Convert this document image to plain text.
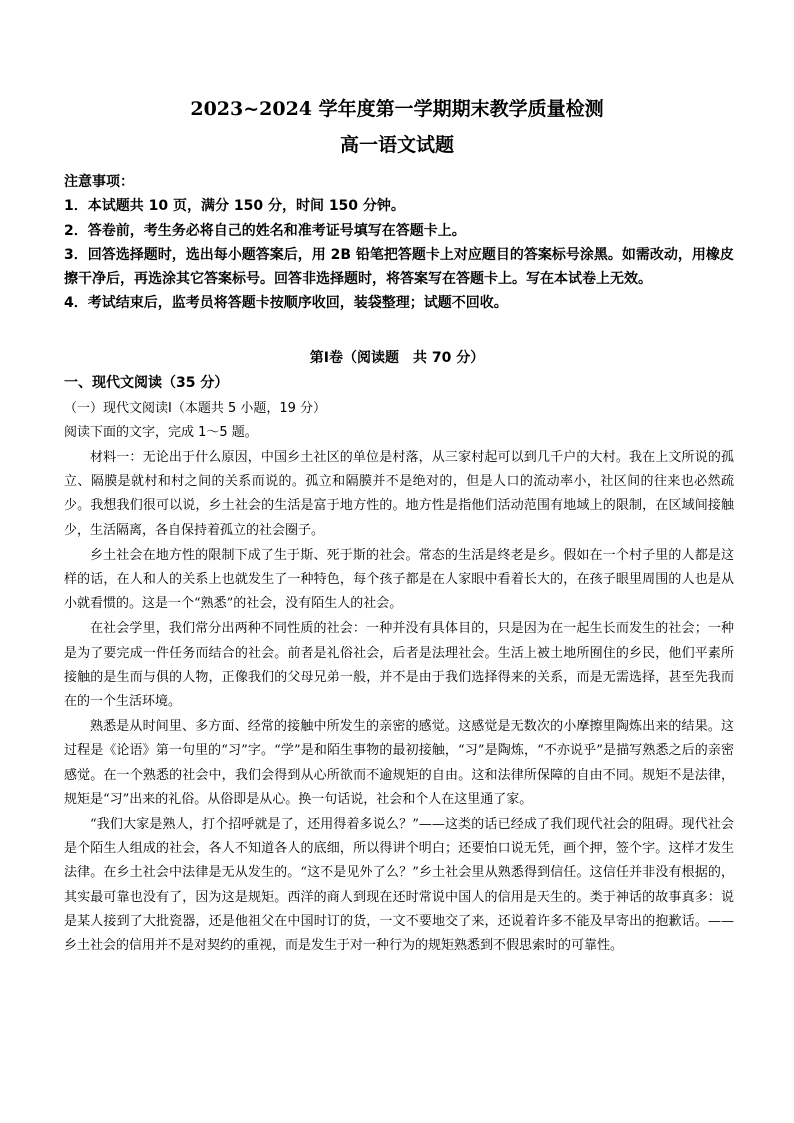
2023~2024 学年度第一学期期末教学质量检测
高一语文试题

注意事项：

1．本试题共 10 页，满分 150 分，时间 150 分钟。

2．答卷前，考生务必将自己的姓名和准考证号填写在答题卡上。

3．回答选择题时，选出每小题答案后，用 2B 铅笔把答题卡上对应题目的答案标号涂黑。如需改动，用橡皮擦干净后，再选涂其它答案标号。回答非选择题时，将答案写在答题卡上。写在本试卷上无效。

4．考试结束后，监考员将答题卡按顺序收回，装袋整理；试题不回收。

第Ⅰ卷（阅读题　共 70 分）
一、现代文阅读（35 分）
（一）现代文阅读Ⅰ（本题共 5 小题，19 分）
阅读下面的文字，完成 1～5 题。

材料一：无论出于什么原因，中国乡土社区的单位是村落，从三家村起可以到几千户的大村。我在上文所说的孤立、隔膜是就村和村之间的关系而说的。孤立和隔膜并不是绝对的，但是人口的流动率小，社区间的往来也必然疏少。我想我们很可以说，乡土社会的生活是富于地方性的。地方性是指他们活动范围有地域上的限制，在区域间接触少，生活隔离，各自保持着孤立的社会圈子。

乡土社会在地方性的限制下成了生于斯、死于斯的社会。常态的生活是终老是乡。假如在一个村子里的人都是这样的话，在人和人的关系上也就发生了一种特色，每个孩子都是在人家眼中看着长大的，在孩子眼里周围的人也是从小就看惯的。这是一个“熟悉”的社会，没有陌生人的社会。

在社会学里，我们常分出两种不同性质的社会：一种并没有具体目的，只是因为在一起生长而发生的社会；一种是为了要完成一件任务而结合的社会。前者是礼俗社会，后者是法理社会。生活上被土地所囿住的乡民，他们平素所接触的是生而与俱的人物，正像我们的父母兄弟一般，并不是由于我们选择得来的关系，而是无需选择，甚至先我而在的一个生活环境。

熟悉是从时间里、多方面、经常的接触中所发生的亲密的感觉。这感觉是无数次的小摩擦里陶炼出来的结果。这过程是《论语》第一句里的“习”字。“学”是和陌生事物的最初接触，“习”是陶炼，“不亦说乎”是描写熟悉之后的亲密感觉。在一个熟悉的社会中，我们会得到从心所欲而不逾规矩的自由。这和法律所保障的自由不同。规矩不是法律，规矩是“习”出来的礼俗。从俗即是从心。换一句话说，社会和个人在这里通了家。

“我们大家是熟人，打个招呼就是了，还用得着多说么？”——这类的话已经成了我们现代社会的阻碍。现代社会是个陌生人组成的社会，各人不知道各人的底细，所以得讲个明白；还要怕口说无凭，画个押，签个字。这样才发生法律。在乡土社会中法律是无从发生的。“这不是见外了么？”乡土社会里从熟悉得到信任。这信任并非没有根据的，其实最可靠也没有了，因为这是规矩。西洋的商人到现在还时常说中国人的信用是天生的。类于神话的故事真多：说是某人接到了大批瓷器，还是他祖父在中国时订的货，一文不要地交了来，还说着许多不能及早寄出的抱歉话。——乡土社会的信用并不是对契约的重视，而是发生于对一种行为的规矩熟悉到不假思索时的可靠性。
